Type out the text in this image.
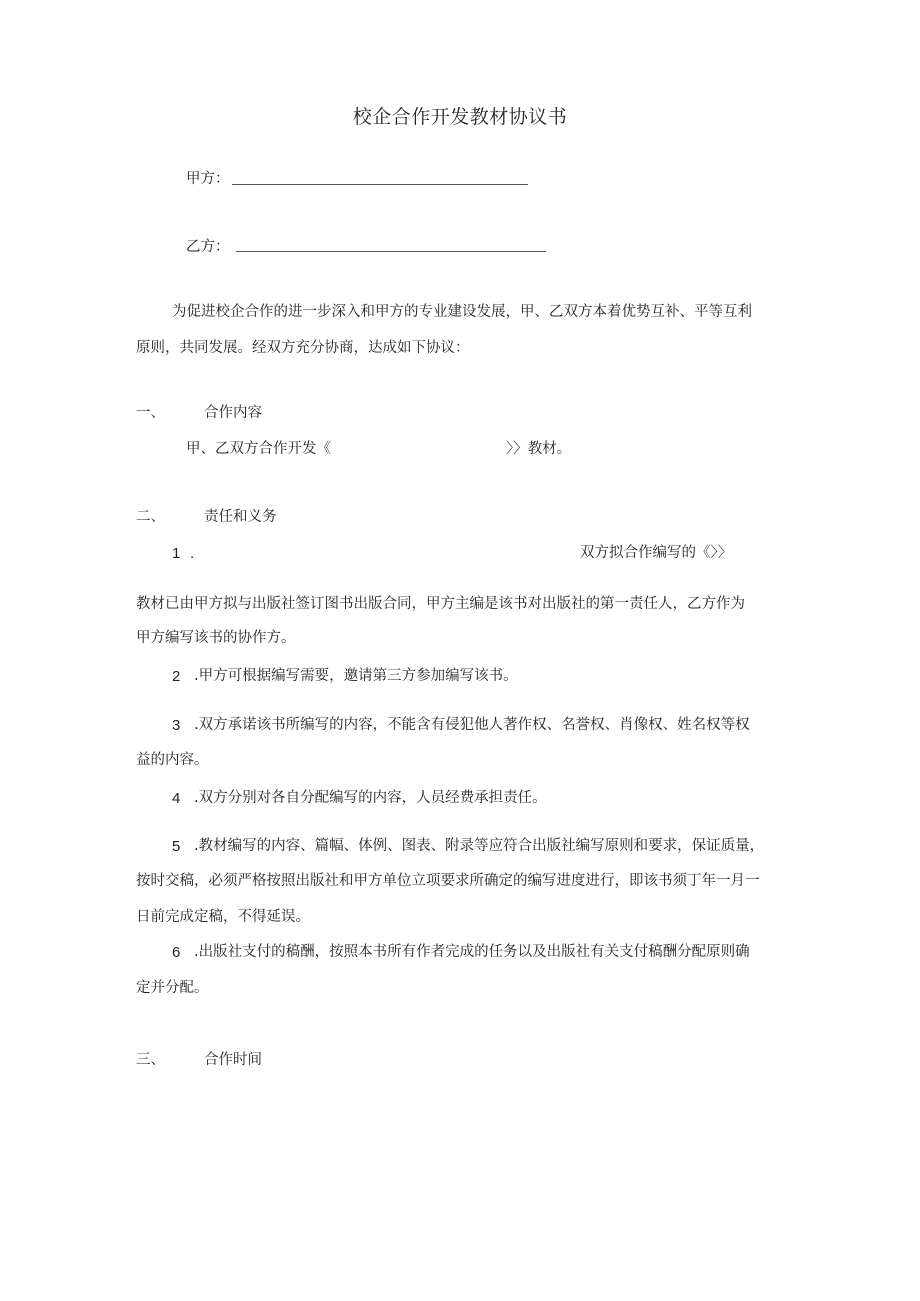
校企合作开发教材协议书
甲方：
乙方：
为促进校企合作的进一步深入和甲方的专业建设发展，甲、乙双方本着优势互补、平等互利
原则，共同发展。经双方充分协商，达成如下协议：
一、	合作内容
甲、乙双方合作开发《	〉〉教材。
二、	责任和义务
1 .	双方拟合作编写的《〉〉
教材已由甲方拟与出版社签订图书出版合同，甲方主编是该书对出版社的第一责任人，乙方作为
甲方编写该书的协作方。
2 .甲方可根据编写需要，邀请第三方参加编写该书。
3 .双方承诺该书所编写的内容，不能含有侵犯他人著作权、名誉权、肖像权、姓名权等权
益的内容。
4 .双方分别对各自分配编写的内容，人员经费承担责任。
5 .教材编写的内容、篇幅、体例、图表、附录等应符合出版社编写原则和要求，保证质量，
按时交稿，必须严格按照出版社和甲方单位立项要求所确定的编写进度进行，即该书须丁年一月一
日前完成定稿，不得延误。
6 .出版社支付的稿酬，按照本书所有作者完成的任务以及出版社有关支付稿酬分配原则确
定并分配。
三、	合作时间
